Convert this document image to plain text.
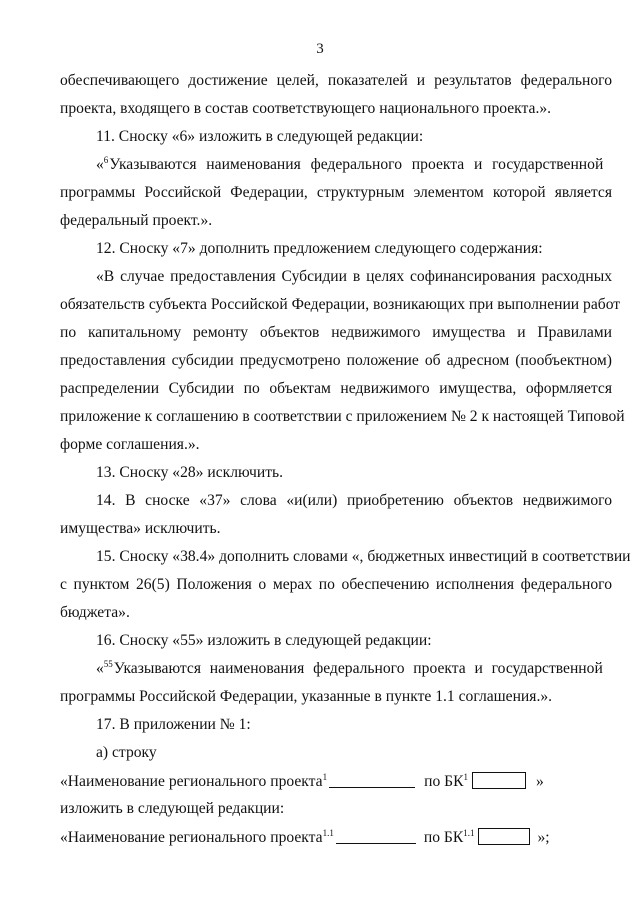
3
обеспечивающего достижение целей, показателей и результатов федерального
проекта, входящего в состав соответствующего национального проекта.».
11. Сноску «6» изложить в следующей редакции:
«$^6$Указываются наименования федерального проекта и государственной
программы Российской Федерации, структурным элементом которой является
федеральный проект.».
12. Сноску «7» дополнить предложением следующего содержания:
«В случае предоставления Субсидии в целях софинансирования расходных
обязательств субъекта Российской Федерации, возникающих при выполнении работ
по капитальному ремонту объектов недвижимого имущества и Правилами
предоставления субсидии предусмотрено положение об адресном (пообъектном)
распределении Субсидии по объектам недвижимого имущества, оформляется
приложение к соглашению в соответствии с приложением № 2 к настоящей Типовой
форме соглашения.».
13. Сноску «28» исключить.
14. В сноске «37» слова «и(или) приобретению объектов недвижимого
имущества» исключить.
15. Сноску «38.4» дополнить словами «, бюджетных инвестиций в соответствии
с пунктом 26(5) Положения о мерах по обеспечению исполнения федерального
бюджета».
16. Сноску «55» изложить в следующей редакции:
«$^{55}$Указываются наименования федерального проекта и государственной
программы Российской Федерации, указанные в пункте 1.1 соглашения.».
17. В приложении № 1:
а) строку
«Наименование регионального проекта$^1$	по $БК^1$	»
изложить в следующей редакции:
«Наименование регионального проекта$^{1.1}$	по $БК^{1.1}$	»;
